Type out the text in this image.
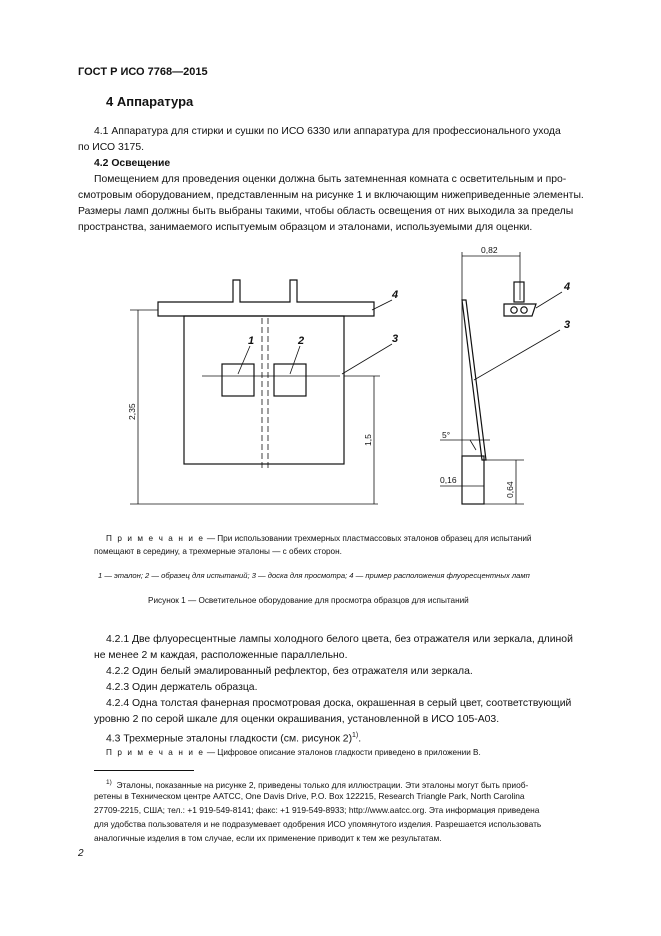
ГОСТ Р ИСО 7768—2015
4 Аппаратура
4.1 Аппаратура для стирки и сушки по ИСО 6330 или аппаратура для профессионального ухода
по ИСО 3175.
4.2 Освещение
Помещением для проведения оценки должна быть затемненная комната с осветительным и про-
смотровым оборудованием, представленным на рисунке 1 и включающим нижеприведенные элементы.
Размеры ламп должны быть выбраны такими, чтобы область освещения от них выходила за пределы
пространства, занимаемого испытуемым образцом и эталонами, используемыми для оценки.
1	2	3
4
3
4
2,35
1,5
0,82
5°
0,16
0,64
П р и м е ч а н и е — При использовании трехмерных пластмассовых эталонов образец для испытаний
помещают в середину, а трехмерные эталоны — с обеих сторон.
1 — эталон; 2 — образец для испытаний; 3 — доска для просмотра; 4 — пример расположения флуоресцентных ламп
Рисунок 1 — Осветительное оборудование для просмотра образцов для испытаний
4.2.1 Две флуоресцентные лампы холодного белого цвета, без отражателя или зеркала, длиной
не менее 2 м каждая, расположенные параллельно.
4.2.2 Один белый эмалированный рефлектор, без отражателя или зеркала.
4.2.3 Один держатель образца.
4.2.4 Одна толстая фанерная просмотровая доска, окрашенная в серый цвет, соответствующий
уровню 2 по серой шкале для оценки окрашивания, установленной в ИСО 105-А03.
4.3 Трехмерные эталоны гладкости (см. рисунок 2)$^{1)}$.
П р и м е ч а н и е — Цифровое описание эталонов гладкости приведено в приложении В.
$^{1)}$ Эталоны, показанные на рисунке 2, приведены только для иллюстрации. Эти эталоны могут быть приоб-
ретены в Техническом центре AATCC, One Davis Drive, P.O. Box 122215, Research Triangle Park, North Carolina
27709-2215, США; тел.: +1 919-549-8141; факс: +1 919-549-8933; http://www.aatcc.org. Эта информация приведена
для удобства пользователя и не подразумевает одобрения ИСО упомянутого изделия. Разрешается использовать
аналогичные изделия в том случае, если их применение приводит к тем же результатам.
2
